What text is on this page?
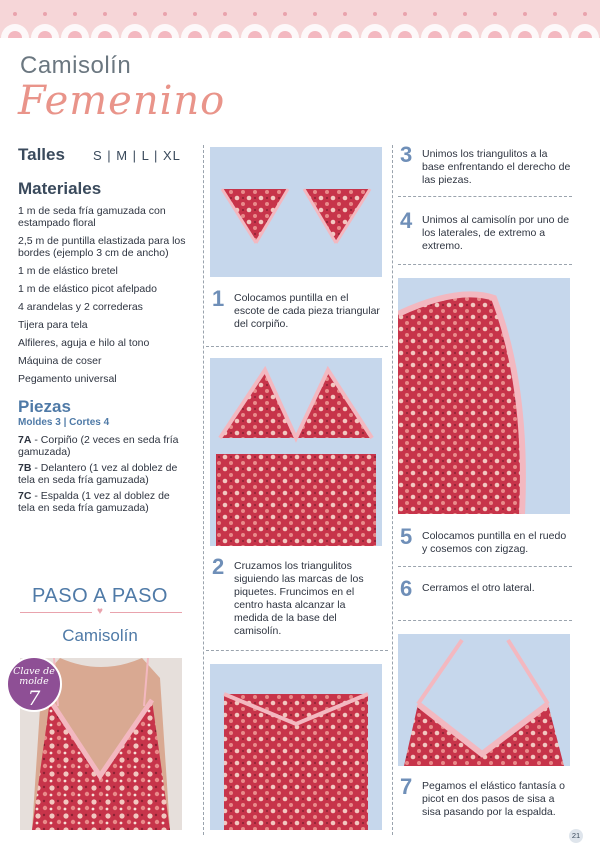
Camisolín
Femenino
Talles S | M | L | XL
Materiales
1 m de seda fría gamuzada con estampado floral
2,5 m de puntilla elastizada para los bordes (ejemplo 3 cm de ancho)
1 m de elástico bretel
1 m de elástico picot afelpado
4 arandelas y 2 correderas
Tijera para tela
Alfileres, aguja e hilo al tono
Máquina de coser
Pegamento universal
Piezas
Moldes 3 | Cortes 4
7A - Corpiño (2 veces en seda fría gamuzada)
7B - Delantero (1 vez al doblez de tela en seda fría gamuzada)
7C - Espalda (1 vez al doblez de tela en seda fría gamuzada)
PASO A PASO
♥
Camisolín
Clave de
molde
7
1 Colocamos puntilla en el escote de cada pieza triangular del corpiño.
2 Cruzamos los triangulitos siguiendo las marcas de los piquetes. Fruncimos en el centro hasta alcanzar la medida de la base del camisolín.
3 Unimos los triangulitos a la base enfrentando el derecho de las piezas.
4 Unimos al camisolín por uno de los laterales, de extremo a extremo.
5 Colocamos puntilla en el ruedo y cosemos con zigzag.
6 Cerramos el otro lateral.
7 Pegamos el elástico fantasía o picot en dos pasos de sisa a sisa pasando por la espalda.
21
